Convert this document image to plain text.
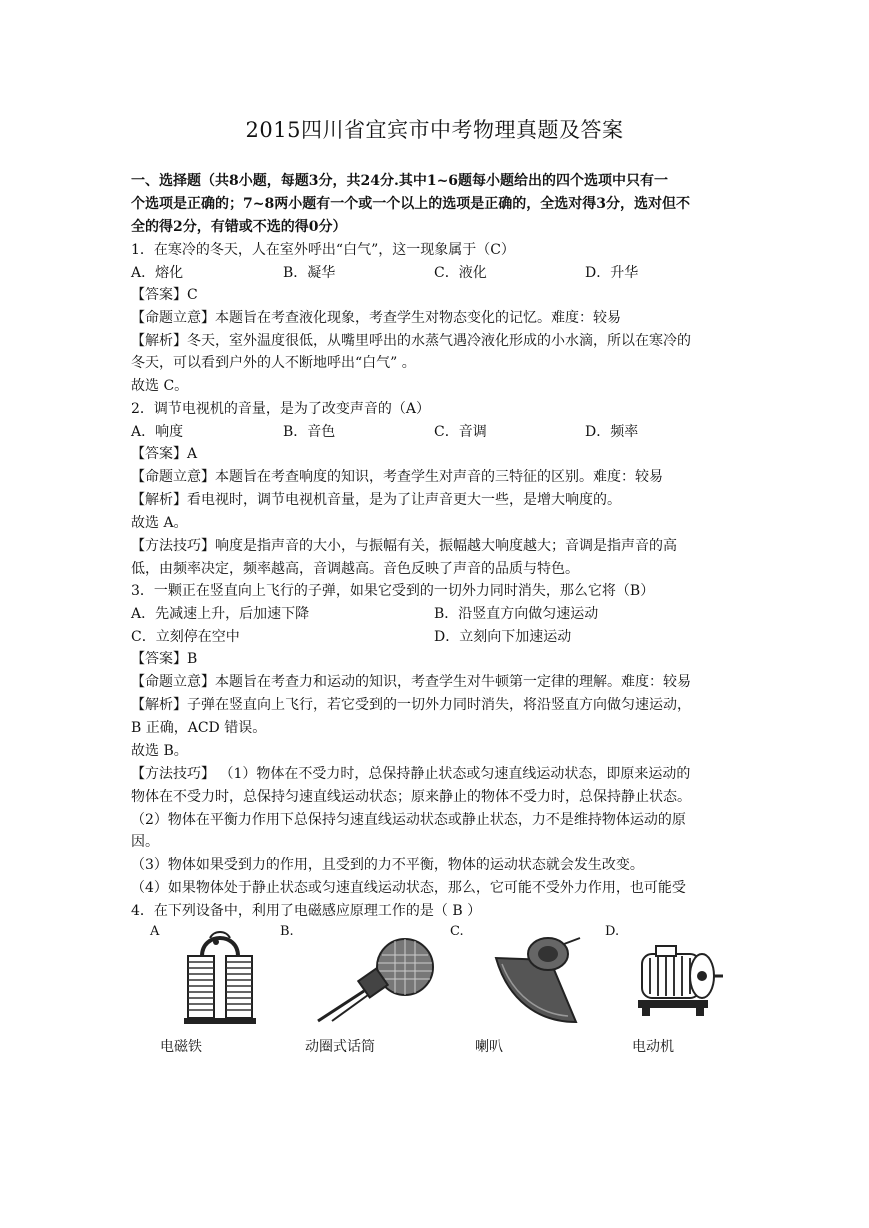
2015四川省宜宾市中考物理真题及答案
一、选择题（共8小题，每题3分，共24分.其中1~6题每小题给出的四个选项中只有一
个选项是正确的；7~8两小题有一个或一个以上的选项是正确的，全选对得3分，选对但不
全的得2分，有错或不选的得0分）
1．在寒冷的冬天，人在室外呼出“白气”，这一现象属于（C）
A．熔化	B．凝华	C．液化	D．升华
【答案】C
【命题立意】本题旨在考查液化现象，考查学生对物态变化的记忆。难度：较易
【解析】冬天，室外温度很低，从嘴里呼出的水蒸气遇冷液化形成的小水滴，所以在寒冷的
冬天，可以看到户外的人不断地呼出“白气” 。
故选 C。
2．调节电视机的音量，是为了改变声音的（A）
A．响度	B．音色	C．音调	D．频率
【答案】A
【命题立意】本题旨在考查响度的知识，考查学生对声音的三特征的区别。难度：较易
【解析】看电视时，调节电视机音量，是为了让声音更大一些，是增大响度的。
故选 A。
【方法技巧】响度是指声音的大小，与振幅有关，振幅越大响度越大；音调是指声音的高
低，由频率决定，频率越高，音调越高。音色反映了声音的品质与特色。
3．一颗正在竖直向上飞行的子弹，如果它受到的一切外力同时消失，那么它将（B）
A．先减速上升，后加速下降	B．沿竖直方向做匀速运动
C．立刻停在空中	D．立刻向下加速运动
【答案】B
【命题立意】本题旨在考查力和运动的知识，考查学生对牛顿第一定律的理解。难度：较易
【解析】子弹在竖直向上飞行，若它受到的一切外力同时消失，将沿竖直方向做匀速运动，
B 正确，ACD 错误。
故选 B。
【方法技巧】 （1）物体在不受力时，总保持静止状态或匀速直线运动状态，即原来运动的
物体在不受力时，总保持匀速直线运动状态；原来静止的物体不受力时，总保持静止状态。
（2）物体在平衡力作用下总保持匀速直线运动状态或静止状态，力不是维持物体运动的原
因。
（3）物体如果受到力的作用，且受到的力不平衡，物体的运动状态就会发生改变。
（4）如果物体处于静止状态或匀速直线运动状态，那么，它可能不受外力作用，也可能受
4．在下列设备中，利用了电磁感应原理工作的是（ B ）
A	B.	C.	D.
电磁铁	动圈式话筒	喇叭	电动机
